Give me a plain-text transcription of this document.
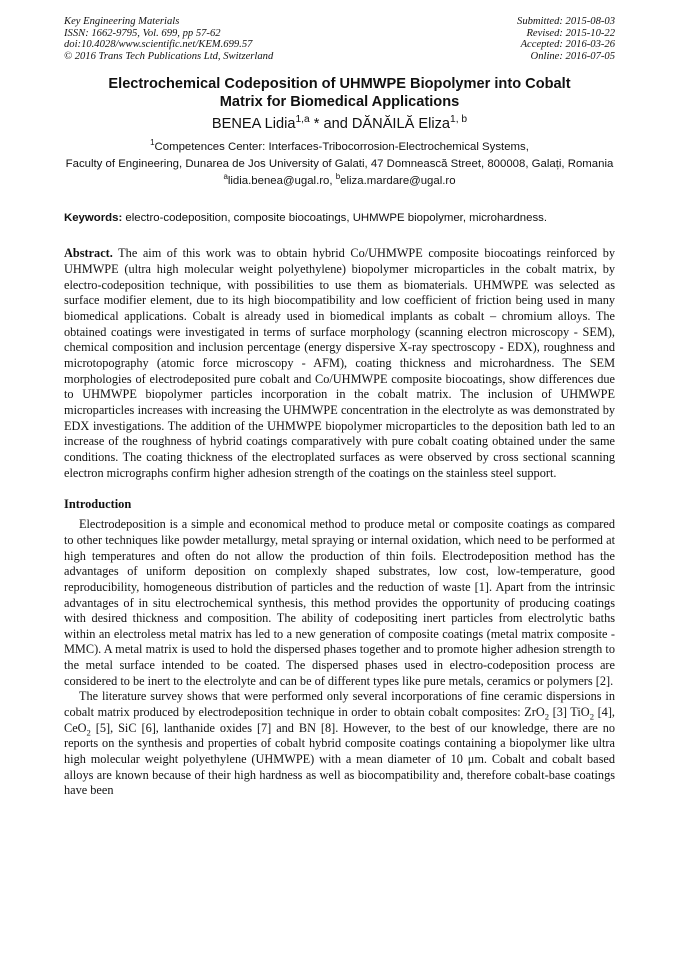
Key Engineering Materials
ISSN: 1662-9795, Vol. 699, pp 57-62
doi:10.4028/www.scientific.net/KEM.699.57
© 2016 Trans Tech Publications Ltd, Switzerland
Submitted: 2015-08-03
Revised: 2015-10-22
Accepted: 2016-03-26
Online: 2016-07-05
Electrochemical Codeposition of UHMWPE Biopolymer into Cobalt Matrix for Biomedical Applications
BENEA Lidia$^{1,a}$ * and DĂNĂILĂ Eliza$^{1, b}$

$^1$Competences Center: Interfaces-Tribocorrosion-Electrochemical Systems,

Faculty of Engineering, Dunarea de Jos University of Galati, 47 Domnească Street, 800008, Galați, Romania

$^a$lidia.benea@ugal.ro, $^b$eliza.mardare@ugal.ro

Keywords: electro-codeposition, composite biocoatings, UHMWPE biopolymer, microhardness.
Abstract. The aim of this work was to obtain hybrid Co/UHMWPE composite biocoatings reinforced by UHMWPE (ultra high molecular weight polyethylene) biopolymer microparticles in the cobalt matrix, by electro-codeposition technique, with possibilities to use them as biomaterials. UHMWPE was selected as surface modifier element, due to its high biocompatibility and low coefficient of friction being used in many biomedical applications. Cobalt is already used in biomedical implants as cobalt – chromium alloys. The obtained coatings were investigated in terms of surface morphology (scanning electron microscopy - SEM), chemical composition and inclusion percentage (energy dispersive X-ray spectroscopy - EDX), roughness and microtopography (atomic force microscopy - AFM), coating thickness and microhardness. The SEM morphologies of electrodeposited pure cobalt and Co/UHMWPE composite biocoatings, show differences due to UHMWPE biopolymer particles incorporation in the cobalt matrix. The inclusion of UHMWPE microparticles increases with increasing the UHMWPE concentration in the electrolyte as was demonstrated by EDX investigations. The addition of the UHMWPE biopolymer microparticles to the deposition bath led to an increase of the roughness of hybrid coatings comparatively with pure cobalt coating obtained under the same conditions. The coating thickness of the electroplated surfaces as were observed by cross sectional scanning electron micrographs confirm higher adhesion strength of the coatings on the stainless steel support.
Introduction

Electrodeposition is a simple and economical method to produce metal or composite coatings as compared to other techniques like powder metallurgy, metal spraying or internal oxidation, which need to be performed at high temperatures and often do not allow the production of thin foils. Electrodeposition method has the advantages of uniform deposition on complexly shaped substrates, low cost, low-temperature, good reproducibility, homogeneous distribution of particles and the reduction of waste [1]. Apart from the intrinsic advantages of in situ electrochemical synthesis, this method provides the opportunity of producing coatings with desired thickness and composition. The ability of codepositing inert particles from electrolytic baths within an electroless metal matrix has led to a new generation of composite coatings (metal matrix composite - MMC). A metal matrix is used to hold the dispersed phases together and to promote higher adhesion strength to the metal surface intended to be coated. The dispersed phases used in electro-codeposition process are considered to be inert to the electrolyte and can be of different types like pure metals, ceramics or polymers [2].

The literature survey shows that were performed only several incorporations of fine ceramic dispersions in cobalt matrix produced by electrodeposition technique in order to obtain cobalt composites: ZrO$_2$ [3] TiO$_2$ [4], CeO$_2$ [5], SiC [6], lanthanide oxides [7] and BN [8]. However, to the best of our knowledge, there are no reports on the synthesis and properties of cobalt hybrid composite coatings containing a biopolymer like ultra high molecular weight polyethylene (UHMWPE) with a mean diameter of 10 μm. Cobalt and cobalt based alloys are known because of their high hardness as well as biocompatibility and, therefore cobalt-base coatings have been
